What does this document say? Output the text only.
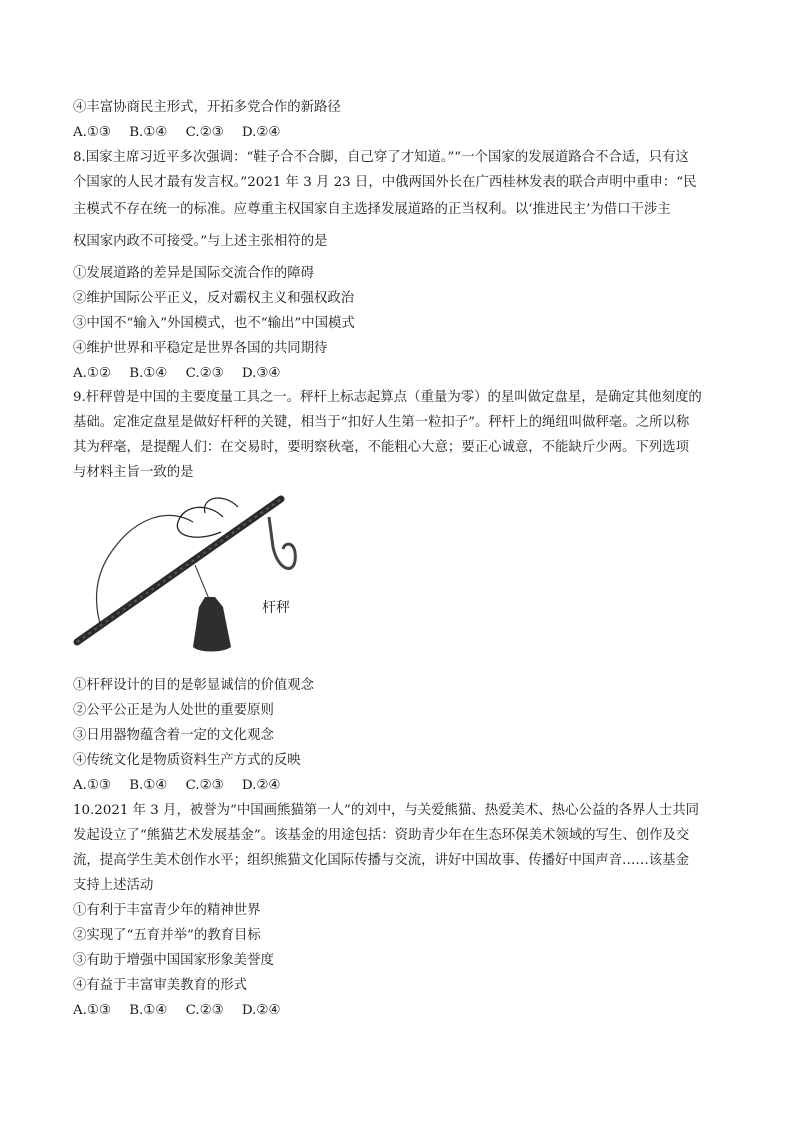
④丰富协商民主形式，开拓多党合作的新路径
A.①③ B.①④ C.②③ D.②④
8.国家主席习近平多次强调：“鞋子合不合脚，自己穿了才知道。”“一个国家的发展道路合不合适，只有这
个国家的人民才最有发言权。”2021 年 3 月 23 日，中俄两国外长在广西桂林发表的联合声明中重申：“民
主模式不存在统一的标准。应尊重主权国家自主选择发展道路的正当权利。以‘推进民主’为借口干涉主
权国家内政不可接受。”与上述主张相符的是
①发展道路的差异是国际交流合作的障碍
②维护国际公平正义，反对霸权主义和强权政治
③中国不“输入”外国模式，也不“输出”中国模式
④维护世界和平稳定是世界各国的共同期待
A.①② B.①④ C.②③ D.③④
9.杆秤曾是中国的主要度量工具之一。秤杆上标志起算点（重量为零）的星叫做定盘星，是确定其他刻度的
基础。定准定盘星是做好杆秤的关键，相当于“扣好人生第一粒扣子”。秤杆上的绳纽叫做秤毫。之所以称
其为秤毫，是提醒人们：在交易时，要明察秋毫，不能粗心大意；要正心诚意，不能缺斤少两。下列选项
与材料主旨一致的是
杆秤
①杆秤设计的目的是彰显诚信的价值观念
②公平公正是为人处世的重要原则
③日用器物蕴含着一定的文化观念
④传统文化是物质资料生产方式的反映
A.①③ B.①④ C.②③ D.②④
10.2021 年 3 月，被誉为“中国画熊猫第一人”的刘中，与关爱熊猫、热爱美术、热心公益的各界人士共同
发起设立了“熊猫艺术发展基金”。该基金的用途包括：资助青少年在生态环保美术领域的写生、创作及交
流，提高学生美术创作水平；组织熊猫文化国际传播与交流，讲好中国故事、传播好中国声音……该基金
支持上述活动
①有利于丰富青少年的精神世界
②实现了“五育并举”的教育目标
③有助于增强中国国家形象美誉度
④有益于丰富审美教育的形式
A.①③ B.①④ C.②③ D.②④
